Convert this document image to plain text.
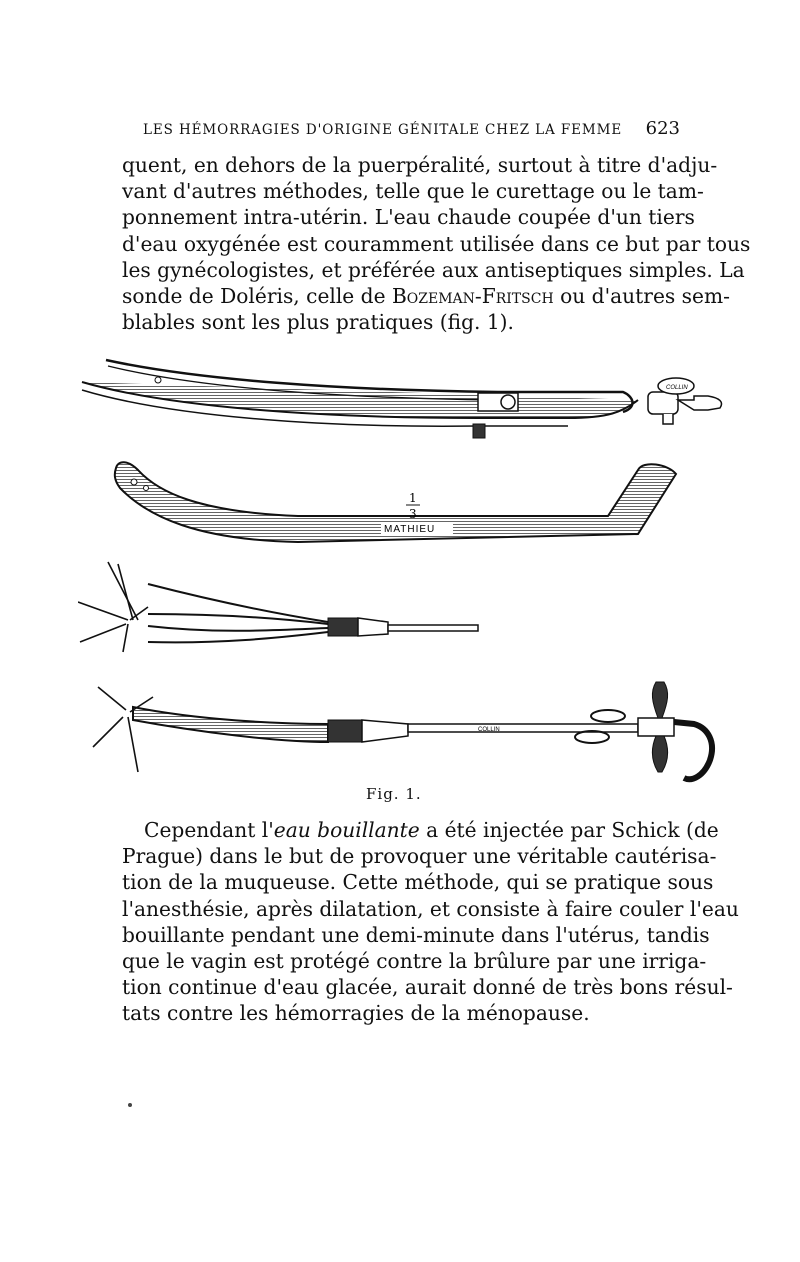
LES HÉMORRAGIES D'ORIGINE GÉNITALE CHEZ LA FEMME 623
quent, en dehors de la puerpéralité, surtout à titre d'adju-
vant d'autres méthodes, telle que le curettage ou le tam-
ponnement intra-utérin. L'eau chaude coupée d'un tiers
d'eau oxygénée est couramment utilisée dans ce but par tous
les gynécologistes, et préférée aux antiseptiques simples. La
sonde de Doléris, celle de Bozeman-Fritsch ou d'autres sem-
blables sont les plus pratiques (fig. 1).
COLLIN
1
3
MATHIEU
COLLIN
Fig. 1.
Cependant l'eau bouillante a été injectée par Schick (de
Prague) dans le but de provoquer une véritable cautérisa-
tion de la muqueuse. Cette méthode, qui se pratique sous
l'anesthésie, après dilatation, et consiste à faire couler l'eau
bouillante pendant une demi-minute dans l'utérus, tandis
que le vagin est protégé contre la brûlure par une irriga-
tion continue d'eau glacée, aurait donné de très bons résul-
tats contre les hémorragies de la ménopause.
